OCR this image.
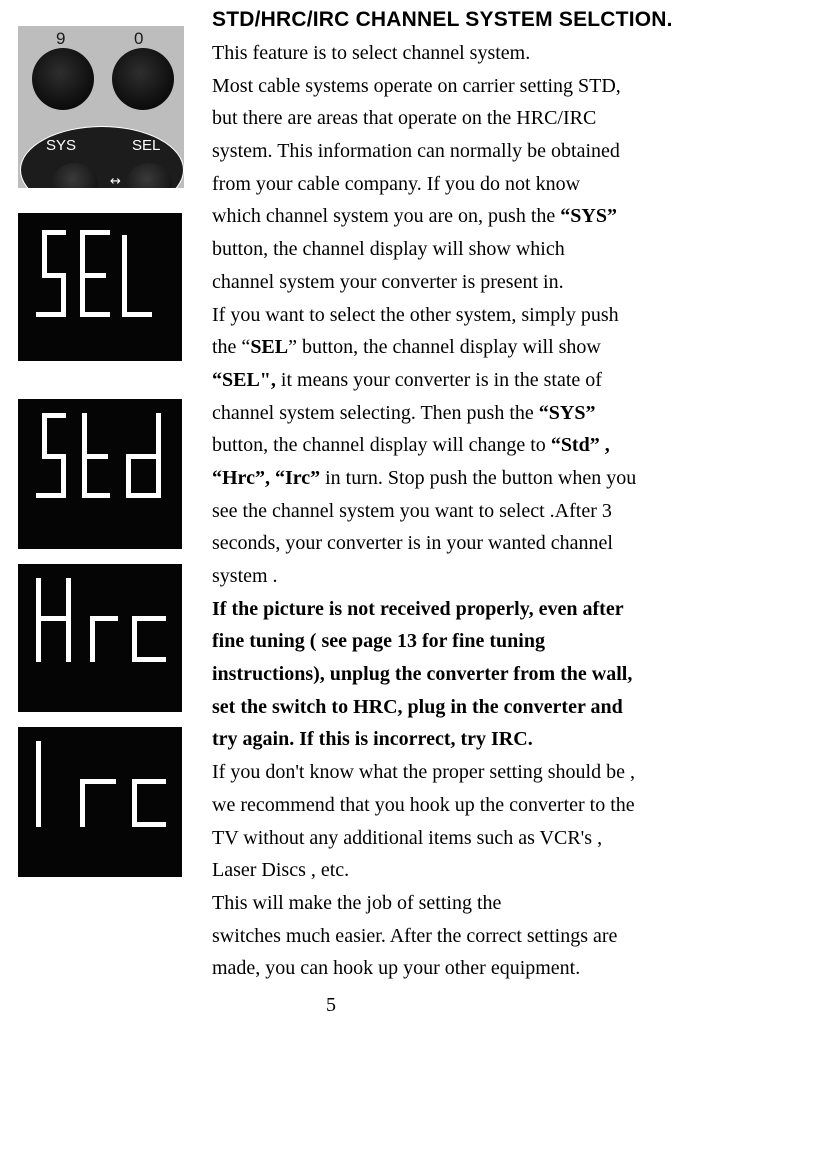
9	0
SYS	SEL
↔
STD/HRC/IRC CHANNEL SYSTEM SELCTION.
This feature is to select channel system.
Most cable systems operate on carrier setting STD,
but there are areas that operate on the HRC/IRC
system. This information can normally be obtained
from your cable company. If you do not know
which channel system you are on, push the “SYS”
button, the channel display will show which
channel system your converter is present in.
If you want to select the other system, simply push
the “SEL” button, the channel display will show
“SEL", it means your converter is in the state of
channel system selecting. Then push the “SYS”
button, the channel display will change to “Std” ,
“Hrc”, “Irc” in turn. Stop push the button when you
see the channel system you want to select .After 3
seconds, your converter is in your wanted channel
system .
If the picture is not received properly, even after
fine tuning ( see page 13 for fine tuning
instructions), unplug the converter from the wall,
set the switch to HRC, plug in the converter and
try again. If this is incorrect, try IRC.
If you don't know what the proper setting should be ,
we recommend that you hook up the converter to the
TV without any additional items such as VCR's ,
Laser Discs , etc.
This will make the job of setting the
switches much easier. After the correct settings are
made, you can hook up your other equipment.
5
